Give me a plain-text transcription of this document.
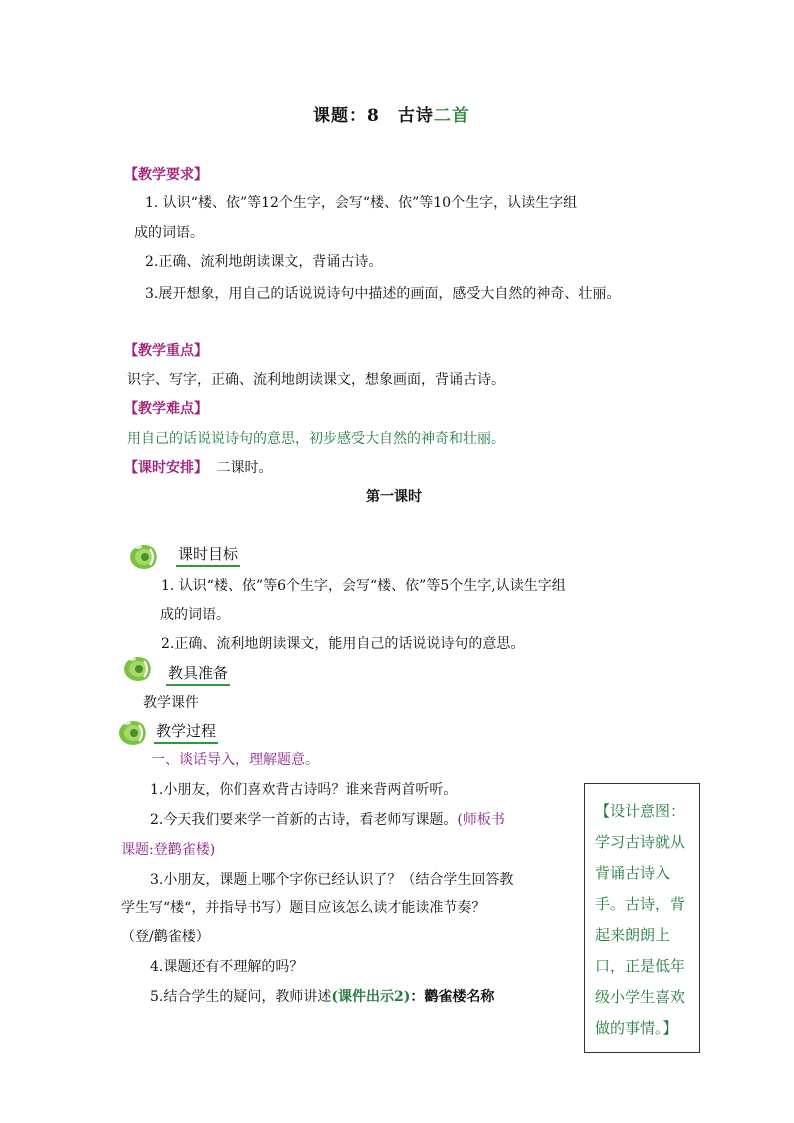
课题：8　古诗二首
【教学要求】
1. 认识“楼、依”等12个生字，会写“楼、依”等10个生字，认读生字组
成的词语。
2.正确、流利地朗读课文，背诵古诗。
3.展开想象，用自己的话说说诗句中描述的画面，感受大自然的神奇、壮丽。
【教学重点】
识字、写字，正确、流利地朗读课文，想象画面，背诵古诗。
【教学难点】
用自己的话说说诗句的意思，初步感受大自然的神奇和壮丽。
【课时安排】 二课时。
第一课时
课时目标
1. 认识“楼、依”等6个生字，会写“楼、依”等5个生字,认读生字组
成的词语。
2.正确、流利地朗读课文，能用自己的话说说诗句的意思。
教具准备
教学课件
教学过程
一、谈话导入，理解题意。
1.小朋友，你们喜欢背古诗吗？谁来背两首听听。
2.今天我们要来学一首新的古诗，看老师写课题。(师板书
课题:登鹳雀楼)
3.小朋友，课题上哪个字你已经认识了？（结合学生回答教
学生写“楼“，并指导书写）题目应该怎么读才能读准节奏？
（登/鹳雀楼）
4.课题还有不理解的吗？
5.结合学生的疑问，教师讲述(课件出示2)：鹳雀楼名称
【设计意图：学习古诗就从背诵古诗入手。古诗，背起来朗朗上口，正是低年级小学生喜欢做的事情。】
